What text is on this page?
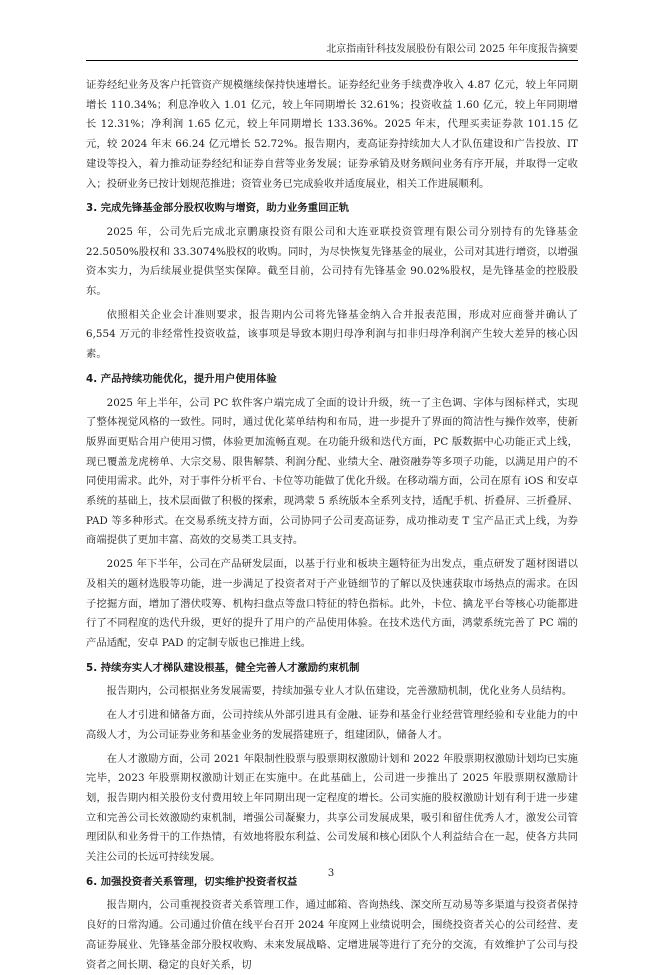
北京指南针科技发展股份有限公司 2025 年年度报告摘要

证券经纪业务及客户托管资产规模继续保持快速增长。证券经纪业务手续费净收入 4.87 亿元，较上年同期增长 110.34%；利息净收入 1.01 亿元，较上年同期增长 32.61%；投资收益 1.60 亿元，较上年同期增长 12.31%；净利润 1.65 亿元，较上年同期增长 133.36%。2025 年末，代理买卖证券款 101.15 亿元，较 2024 年末 66.24 亿元增长 52.72%。报告期内，麦高证券持续加大人才队伍建设和广告投放、IT 建设等投入，着力推动证券经纪和证券自营等业务发展；证券承销及财务顾问业务有序开展，并取得一定收入；投研业务已按计划规范推进；资管业务已完成验收并适度展业，相关工作进展顺利。

3. 完成先锋基金部分股权收购与增资，助力业务重回正轨

2025 年，公司先后完成北京鹏康投资有限公司和大连亚联投资管理有限公司分别持有的先锋基金 22.5050%股权和 33.3074%股权的收购。同时，为尽快恢复先锋基金的展业，公司对其进行增资，以增强资本实力，为后续展业提供坚实保障。截至目前，公司持有先锋基金 90.02%股权，是先锋基金的控股股东。

依照相关企业会计准则要求，报告期内公司将先锋基金纳入合并报表范围，形成对应商誉并确认了 6,554 万元的非经常性投资收益，该事项是导致本期归母净利润与扣非归母净利润产生较大差异的核心因素。

4. 产品持续功能优化，提升用户使用体验

2025 年上半年，公司 PC 软件客户端完成了全面的设计升级，统一了主色调、字体与图标样式，实现了整体视觉风格的一致性。同时，通过优化菜单结构和布局，进一步提升了界面的简洁性与操作效率，使新版界面更贴合用户使用习惯，体验更加流畅直观。在功能升级和迭代方面，PC 版数据中心功能正式上线，现已覆盖龙虎榜单、大宗交易、限售解禁、利润分配、业绩大全、融资融券等多项子功能，以满足用户的不同使用需求。此外，对于事件分析平台、卡位等功能做了优化升级。在移动端方面，公司在原有 iOS 和安卓系统的基础上，技术层面做了积极的探索，现鸿蒙 5 系统版本全系列支持，适配手机、折叠屏、三折叠屏、PAD 等多种形式。在交易系统支持方面，公司协同子公司麦高证券，成功推动麦 T 宝产品正式上线，为券商端提供了更加丰富、高效的交易类工具支持。

2025 年下半年，公司在产品研发层面，以基于行业和板块主题特征为出发点，重点研发了题材图谱以及相关的题材选股等功能，进一步满足了投资者对于产业链细节的了解以及快速获取市场热点的需求。在因子挖掘方面，增加了潜伏哎筹、机构扫盘点等盘口特征的特色指标。此外，卡位、擒龙平台等核心功能都进行了不同程度的迭代升级，更好的提升了用户的产品使用体验。在技术迭代方面，鸿蒙系统完善了 PC 端的产品适配，安卓 PAD 的定制专版也已推进上线。

5. 持续夯实人才梯队建设根基，健全完善人才激励约束机制

报告期内，公司根据业务发展需要，持续加强专业人才队伍建设，完善激励机制，优化业务人员结构。

在人才引进和储备方面，公司持续从外部引进具有金融、证券和基金行业经营管理经验和专业能力的中高级人才，为公司证券业务和基金业务的发展搭建班子，组建团队，储备人才。

在人才激励方面，公司 2021 年限制性股票与股票期权激励计划和 2022 年股票期权激励计划均已实施完毕，2023 年股票期权激励计划正在实施中。在此基础上，公司进一步推出了 2025 年股票期权激励计划，报告期内相关股份支付费用较上年同期出现一定程度的增长。公司实施的股权激励计划有利于进一步建立和完善公司长效激励约束机制，增强公司凝聚力，共享公司发展成果，吸引和留住优秀人才，激发公司管理团队和业务骨干的工作热情，有效地将股东利益、公司发展和核心团队个人利益结合在一起，使各方共同关注公司的长远可持续发展。

6. 加强投资者关系管理，切实维护投资者权益

报告期内，公司重视投资者关系管理工作，通过邮箱、咨询热线、深交所互动易等多渠道与投资者保持良好的日常沟通。公司通过价值在线平台召开 2024 年度网上业绩说明会，围绕投资者关心的公司经营、麦高证券展业、先锋基金部分股权收购、未来发展战略、定增进展等进行了充分的交流，有效维护了公司与投资者之间长期、稳定的良好关系，切

3
